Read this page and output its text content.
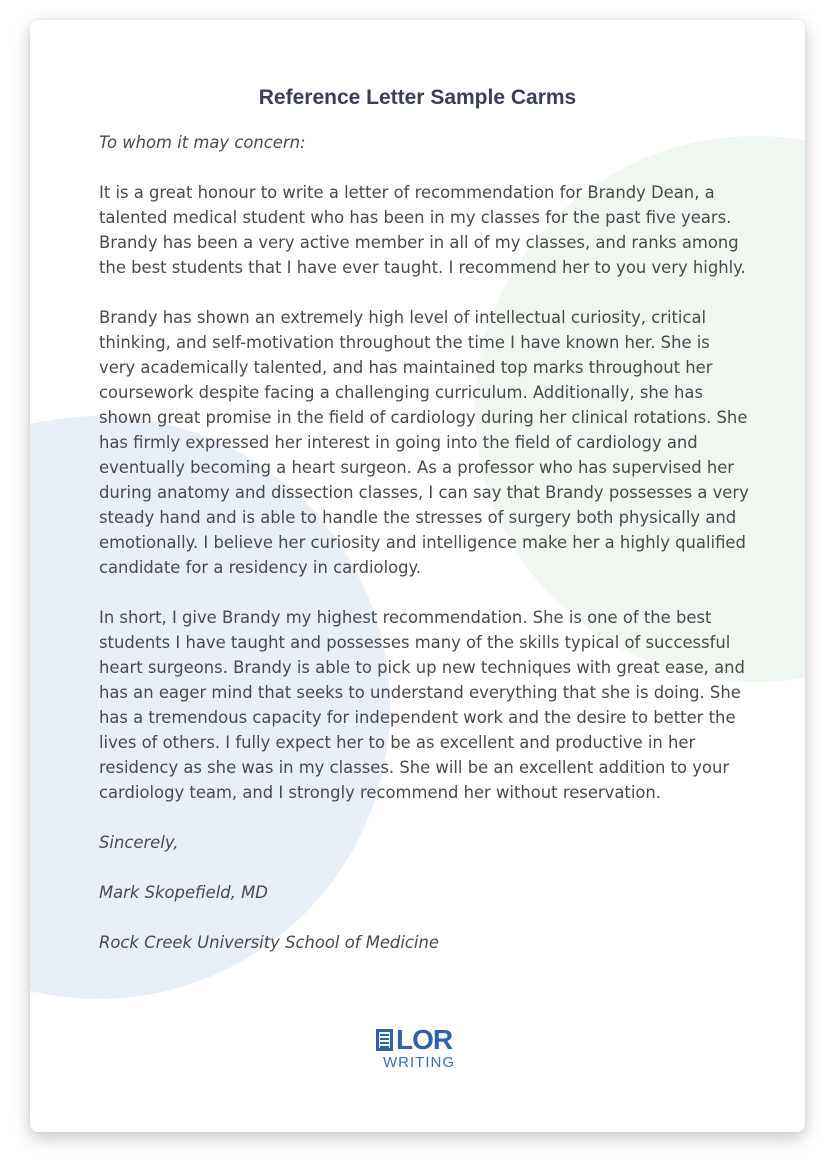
Reference Letter Sample Carms

To whom it may concern:

It is a great honour to write a letter of recommendation for Brandy Dean, a talented medical student who has been in my classes for the past five years. Brandy has been a very active member in all of my classes, and ranks among the best students that I have ever taught. I recommend her to you very highly.

Brandy has shown an extremely high level of intellectual curiosity, critical thinking, and self-motivation throughout the time I have known her. She is very academically talented, and has maintained top marks throughout her coursework despite facing a challenging curriculum. Additionally, she has shown great promise in the field of cardiology during her clinical rotations. She has firmly expressed her interest in going into the field of cardiology and eventually becoming a heart surgeon. As a professor who has supervised her during anatomy and dissection classes, I can say that Brandy possesses a very steady hand and is able to handle the stresses of surgery both physically and emotionally. I believe her curiosity and intelligence make her a highly qualified candidate for a residency in cardiology.

In short, I give Brandy my highest recommendation. She is one of the best students I have taught and possesses many of the skills typical of successful heart surgeons. Brandy is able to pick up new techniques with great ease, and has an eager mind that seeks to understand everything that she is doing. She has a tremendous capacity for independent work and the desire to better the lives of others. I fully expect her to be as excellent and productive in her residency as she was in my classes. She will be an excellent addition to your cardiology team, and I strongly recommend her without reservation.

Sincerely,

Mark Skopefield, MD

Rock Creek University School of Medicine

LOR
WRITING
